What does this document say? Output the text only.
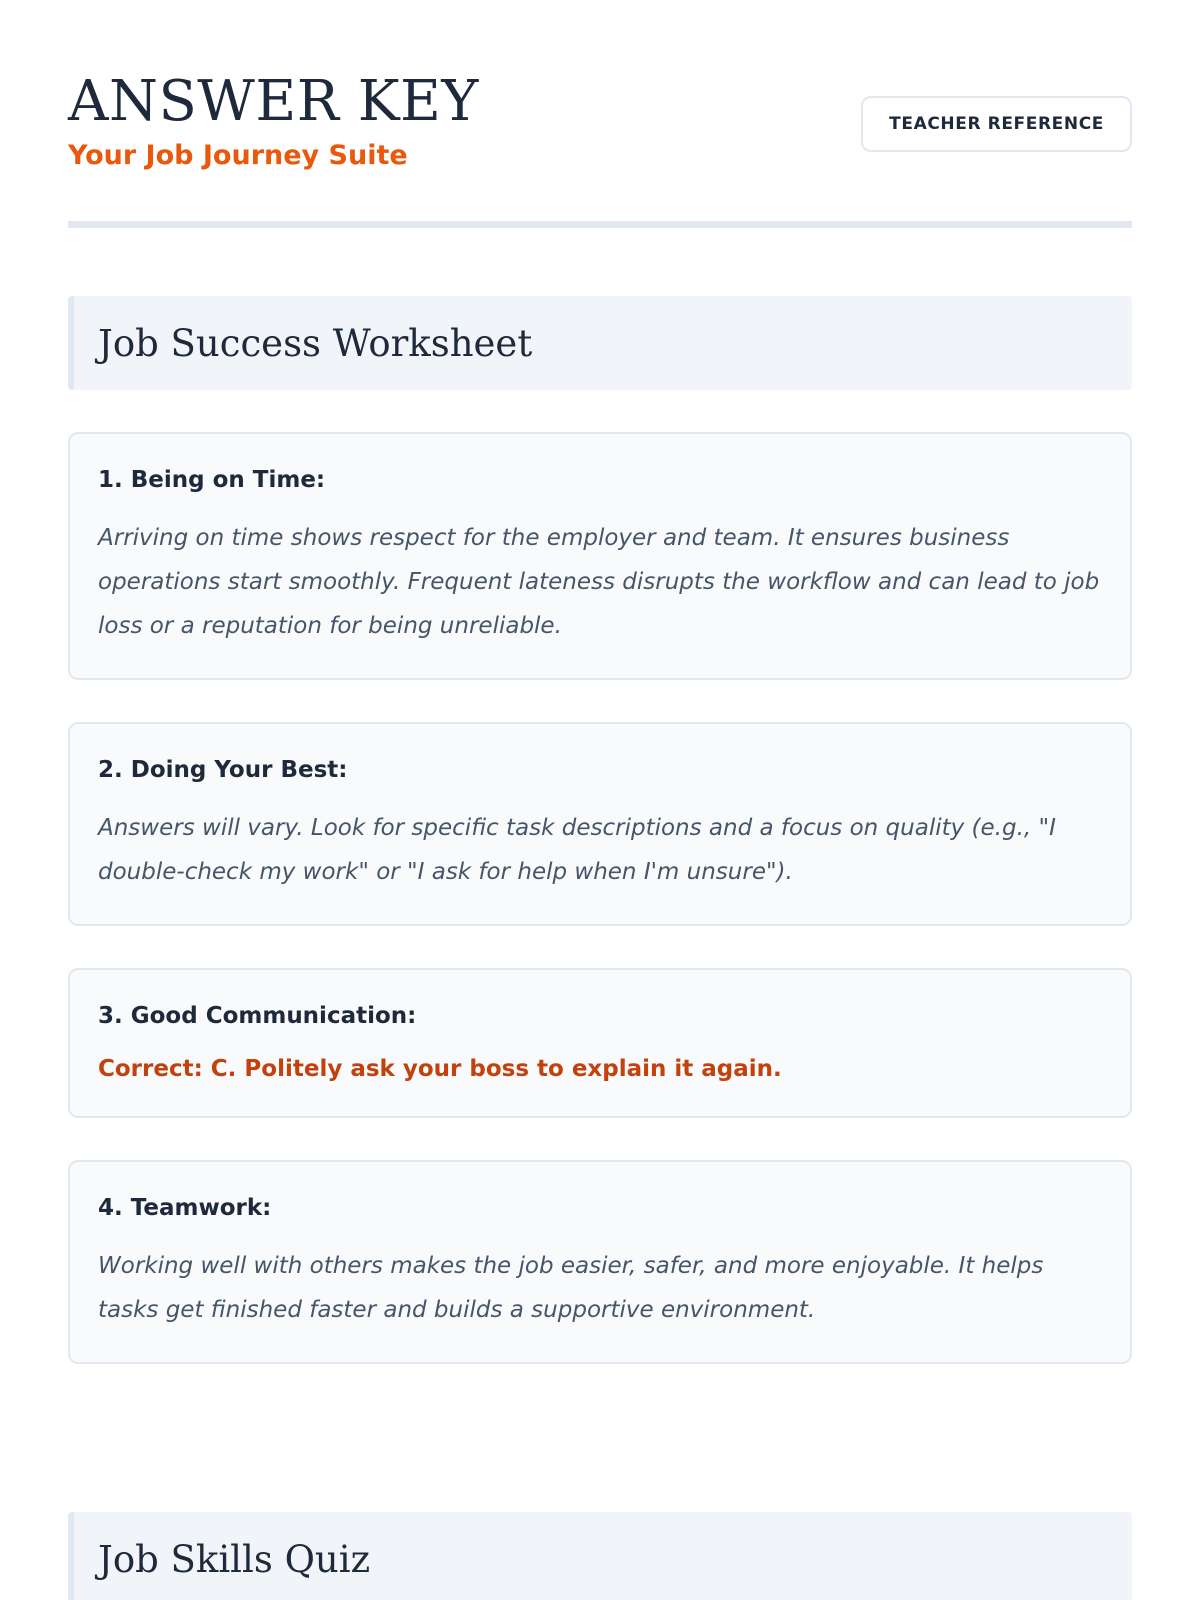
ANSWER KEY
Your Job Journey Suite
TEACHER REFERENCE
Job Success Worksheet
1. Being on Time:
Arriving on time shows respect for the employer and team. It ensures business operations start smoothly. Frequent lateness disrupts the workflow and can lead to job loss or a reputation for being unreliable.
2. Doing Your Best:
Answers will vary. Look for specific task descriptions and a focus on quality (e.g., "I double-check my work" or "I ask for help when I'm unsure").
3. Good Communication:
Correct: C. Politely ask your boss to explain it again.
4. Teamwork:
Working well with others makes the job easier, safer, and more enjoyable. It helps tasks get finished faster and builds a supportive environment.
Job Skills Quiz
